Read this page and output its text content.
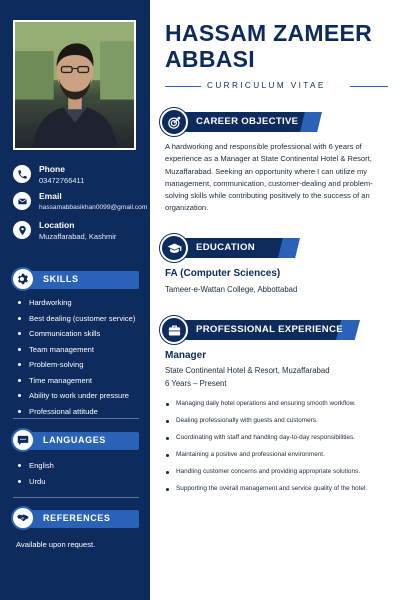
Phone
03472766411
Email
hassamabbasikhan0099@gmail.com
Location
Muzaffarabad, Kashmir
SKILLS
Hardworking
Best dealing (customer service)
Communication skills
Team management
Problem-solving
Time management
Ability to work under pressure
Professional attitude
LANGUAGES
English
Urdu
REFERENCES
Available upon request.
HASSAM ZAMEER ABBASI
CURRICULUM VITAE
CAREER OBJECTIVE
A hardworking and responsible professional with 6 years of experience as a Manager at State Continental Hotel & Resort, Muzaffarabad. Seeking an opportunity where I can utilize my management, communication, customer-dealing and problem-solving skills while contributing positively to the success of an organization.
EDUCATION
FA (Computer Sciences)
Tameer-e-Wattan College, Abbottabad
PROFESSIONAL EXPERIENCE
Manager
State Continental Hotel & Resort, Muzaffarabad
6 Years – Present
Managing daily hotel operations and ensuring smooth workflow.
Dealing professionally with guests and customers.
Coordinating with staff and handling day-to-day responsibilities.
Maintaining a positive and professional environment.
Handling customer concerns and providing appropriate solutions.
Supporting the overall management and service quality of the hotel.
